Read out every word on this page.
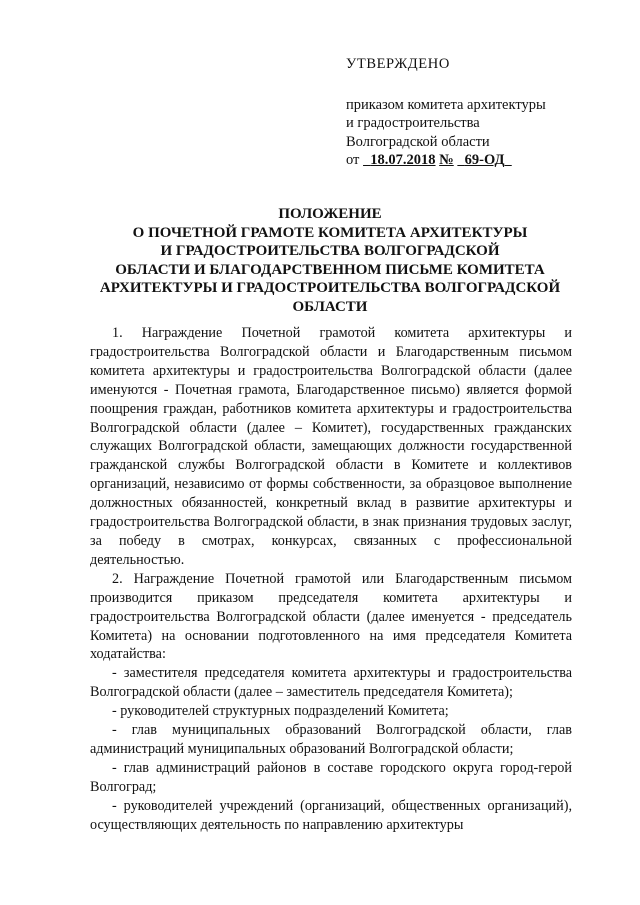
УТВЕРЖДЕНО
приказом комитета архитектуры
и градостроительства
Волгоградской области
от 18.07.2018 № 69-ОД
ПОЛОЖЕНИЕ
О ПОЧЕТНОЙ ГРАМОТЕ КОМИТЕТА АРХИТЕКТУРЫ
И ГРАДОСТРОИТЕЛЬСТВА ВОЛГОГРАДСКОЙ
ОБЛАСТИ И БЛАГОДАРСТВЕННОМ ПИСЬМЕ КОМИТЕТА
АРХИТЕКТУРЫ И ГРАДОСТРОИТЕЛЬСТВА ВОЛГОГРАДСКОЙ
ОБЛАСТИ

1. Награждение Почетной грамотой комитета архитектуры и градостроительства Волгоградской области и Благодарственным письмом комитета архитектуры и градостроительства Волгоградской области (далее именуются - Почетная грамота, Благодарственное письмо) является формой поощрения граждан, работников комитета архитектуры и градостроительства Волгоградской области (далее – Комитет), государственных гражданских служащих Волгоградской области, замещающих должности государственной гражданской службы Волгоградской области в Комитете и коллективов организаций, независимо от формы собственности, за образцовое выполнение должностных обязанностей, конкретный вклад в развитие архитектуры и градостроительства Волгоградской области, в знак признания трудовых заслуг, за победу в смотрах, конкурсах, связанных с профессиональной деятельностью.

2. Награждение Почетной грамотой или Благодарственным письмом производится приказом председателя комитета архитектуры и градостроительства Волгоградской области (далее именуется - председатель Комитета) на основании подготовленного на имя председателя Комитета ходатайства:

- заместителя председателя комитета архитектуры и градостроительства Волгоградской области (далее – заместитель председателя Комитета);

- руководителей структурных подразделений Комитета;

- глав муниципальных образований Волгоградской области, глав администраций муниципальных образований Волгоградской области;

- глав администраций районов в составе городского округа город-герой Волгоград;

- руководителей учреждений (организаций, общественных организаций), осуществляющих деятельность по направлению архитектуры
